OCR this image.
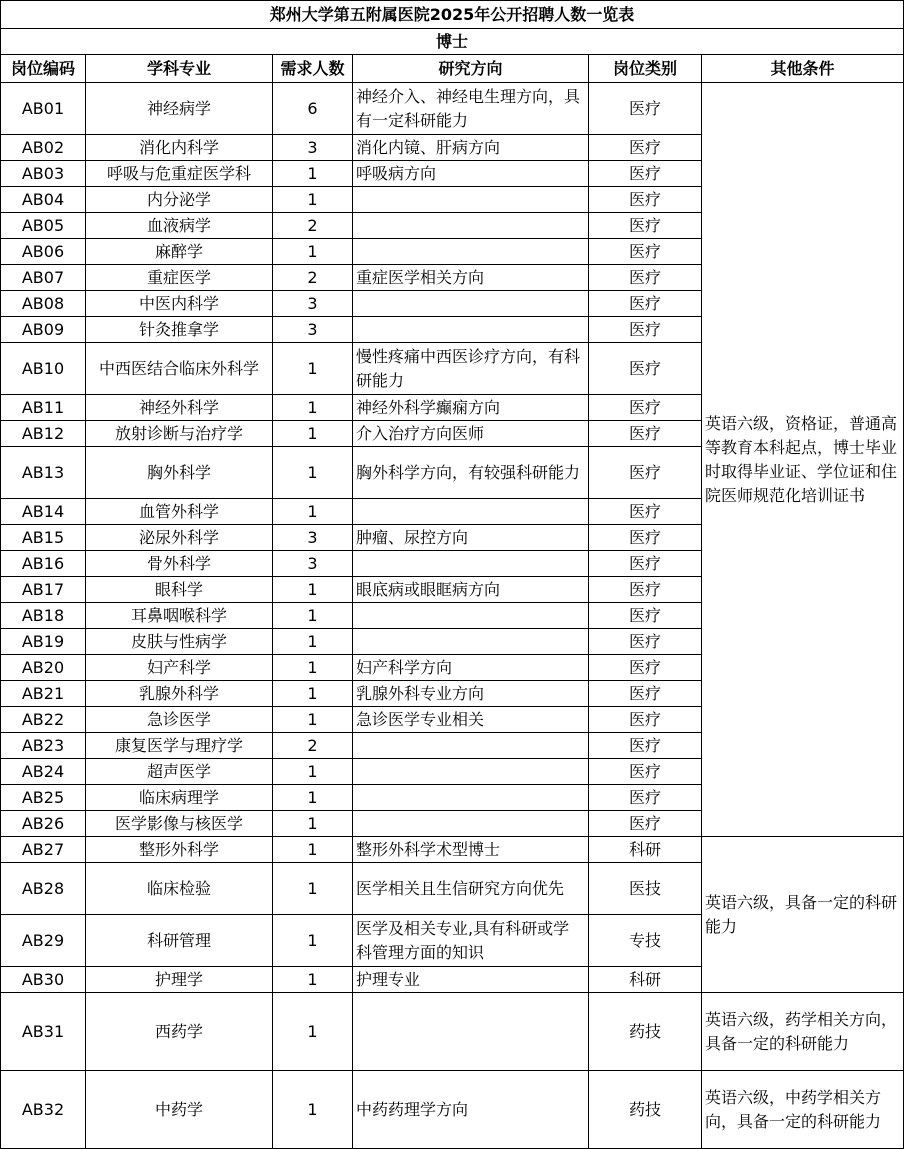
郑州大学第五附属医院2025年公开招聘人数一览表					
博士					
岗位编码	学科专业	需求人数	研究方向	岗位类别	其他条件
AB01	神经病学	6	神经介入、神经电生理方向，具有一定科研能力	医疗	英语六级，资格证，普通高等教育本科起点，博士毕业时取得毕业证、学位证和住院医师规范化培训证书
AB02	消化内科学	3	消化内镜、肝病方向	医疗	
AB03	呼吸与危重症医学科	1	呼吸病方向	医疗	
AB04	内分泌学	1		医疗	
AB05	血液病学	2		医疗	
AB06	麻醉学	1		医疗	
AB07	重症医学	2	重症医学相关方向	医疗	
AB08	中医内科学	3		医疗	
AB09	针灸推拿学	3		医疗	
AB10	中西医结合临床外科学	1	慢性疼痛中西医诊疗方向，有科研能力	医疗	
AB11	神经外科学	1	神经外科学癫痫方向	医疗	
AB12	放射诊断与治疗学	1	介入治疗方向医师	医疗	
AB13	胸外科学	1	胸外科学方向，有较强科研能力	医疗	
AB14	血管外科学	1		医疗	
AB15	泌尿外科学	3	肿瘤、尿控方向	医疗	
AB16	骨外科学	3		医疗	
AB17	眼科学	1	眼底病或眼眶病方向	医疗	
AB18	耳鼻咽喉科学	1		医疗	
AB19	皮肤与性病学	1		医疗	
AB20	妇产科学	1	妇产科学方向	医疗	
AB21	乳腺外科学	1	乳腺外科专业方向	医疗	
AB22	急诊医学	1	急诊医学专业相关	医疗	
AB23	康复医学与理疗学	2		医疗	
AB24	超声医学	1		医疗	
AB25	临床病理学	1		医疗	
AB26	医学影像与核医学	1		医疗	
AB27	整形外科学	1	整形外科学术型博士	科研	英语六级，具备一定的科研能力
AB28	临床检验	1	医学相关且生信研究方向优先	医技	
AB29	科研管理	1	医学及相关专业,具有科研或学科管理方面的知识	专技	
AB30	护理学	1	护理专业	科研	
AB31	西药学	1		药技	英语六级，药学相关方向，具备一定的科研能力
AB32	中药学	1	中药药理学方向	药技	英语六级，中药学相关方向，具备一定的科研能力
